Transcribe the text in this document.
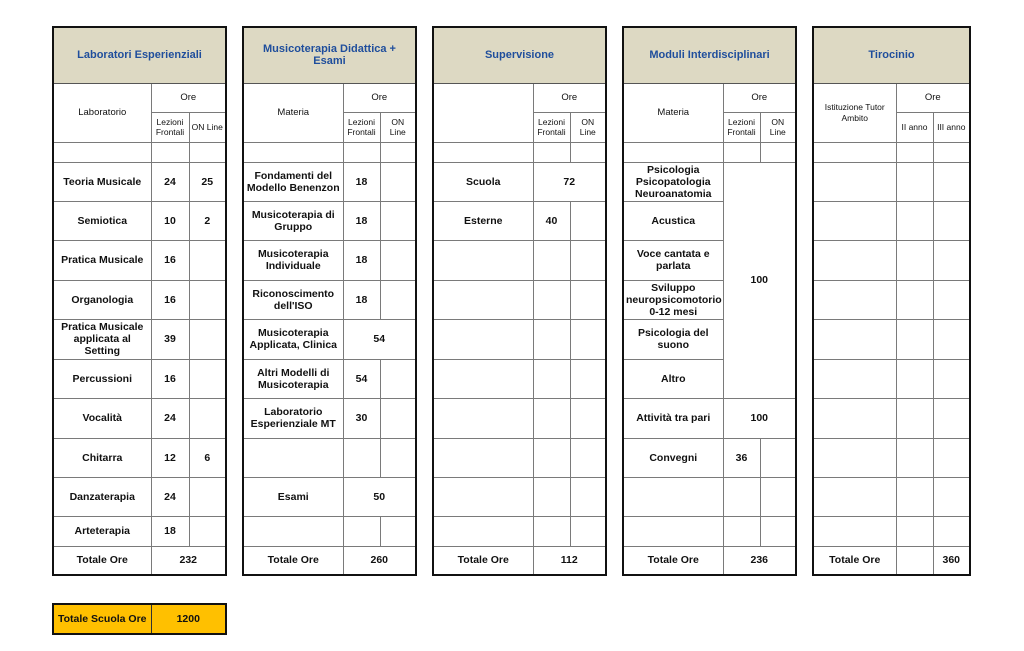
Laboratori Esperienziali		
Laboratorio	Ore	
	Lezioni Frontali	ON Line

Teoria Musicale	24	25
Semiotica	10	2
Pratica Musicale	16	
Organologia	16	
Pratica Musicale applicata al Setting	39	
Percussioni	16	
Vocalità	24	
Chitarra	12	6
Danzaterapia	24	
Arteterapia	18	
Totale Ore	232	
Musicoterapia Didattica + Esami		
Materia	Ore	
	Lezioni Frontali	ON Line

Fondamenti del Modello Benenzon	18	
Musicoterapia di Gruppo	18	
Musicoterapia Individuale	18	
Riconoscimento dell'ISO	18	
Musicoterapia Applicata, Clinica	54	
Altri Modelli di Musicoterapia	54	
Laboratorio Esperienziale MT	30	

Esami	50	

Totale Ore	260	
Supervisione		
	Ore	
	Lezioni Frontali	ON Line

Scuola	72	
Esterne	40	

Totale Ore	112	
Moduli Interdisciplinari		
Materia	Ore	
	Lezioni Frontali	ON Line

Psicologia Psicopatologia Neuroanatomia	100	
Acustica		
Voce cantata e parlata		
Sviluppo neuropsicomotorio 0-12 mesi		
Psicologia del suono		
Altro		
Attività tra pari	100	
Convegni	36	

Totale Ore	236	
Tirocinio		
Istituzione Tutor Ambito	Ore	
	II anno	III anno

Totale Ore		360
Totale Scuola Ore	1200
